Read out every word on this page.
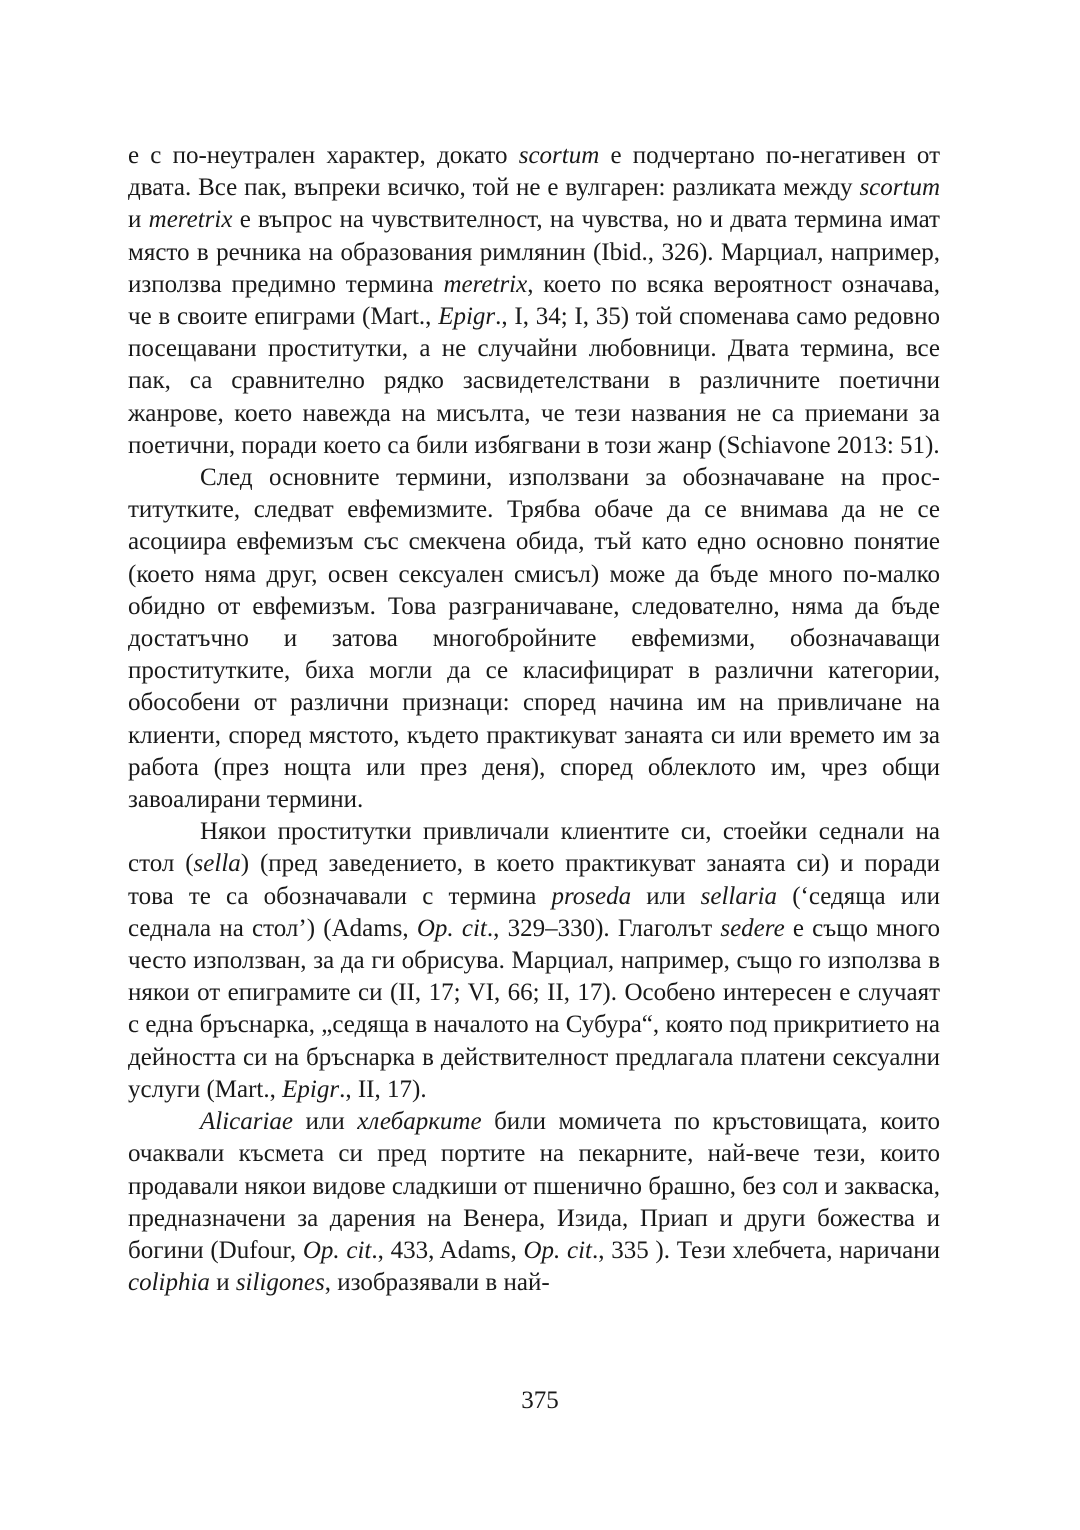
е с по-неутрален характер, докато scortum е подчертано по-негативен от двата. Все пак, въпреки всичко, той не е вулгарен: разликата между scortum и meretrix е въпрос на чувствителност, на чувства, но и двата термина имат място в речника на образования римлянин (Ibid., 326). Марциал, например, използва предимно термина meretrix, което по всяка вероятност означава, че в своите епиграми (Mart., Epigr., I, 34; I, 35) той споменава само редовно посещавани проститутки, а не случайни любовници. Двата термина, все пак, са сравнително рядко засвидетелствани в различните поетични жанрове, което навежда на мисълта, че тези названия не са приемани за поетични, поради което са били избягвани в този жанр (Schiavone 2013: 51).

След основните термини, използвани за обозначаване на проститутките, следват евфемизмите. Трябва обаче да се внимава да не се асоциира евфемизъм със смекчена обида, тъй като едно основно понятие (което няма друг, освен сексуален смисъл) може да бъде много по-малко обидно от евфемизъм. Това разграничаване, следователно, няма да бъде достатъчно и затова многобройните евфемизми, обозначаващи проститутките, биха могли да се класифицират в различни категории, обособени от различни признаци: според начина им на привличане на клиенти, според мястото, където практикуват занаята си или времето им за работа (през нощта или през деня), според облеклото им, чрез общи завоалирани термини.

Някои проститутки привличали клиентите си, стоейки седнали на стол (sella) (пред заведението, в което практикуват занаята си) и поради това те са обозначавали с термина proseda или sellaria (‘седяща или седнала на стол’) (Adams, Op. cit., 329–330). Глаголът sedere е също много често използван, за да ги обрисува. Марциал, например, също го използва в някои от епиграмите си (II, 17; VI, 66; II, 17). Особено интересен е случаят с една бръснарка, „седяща в началото на Субура“, която под прикритието на дейността си на бръснарка в действителност предлагала платени сексуални услуги (Mart., Epigr., II, 17).

Alicariae или хлебарките били момичета по кръстовищата, които очаквали късмета си пред портите на пекарните, най-вече тези, които продавали някои видове сладкиши от пшенично брашно, без сол и закваска, предназначени за дарения на Венера, Изида, Приап и други божества и богини (Dufour, Op. cit., 433, Adams, Op. cit., 335 ). Тези хлебчета, наричани coliphia и siligones, изобразявали в най-

375
